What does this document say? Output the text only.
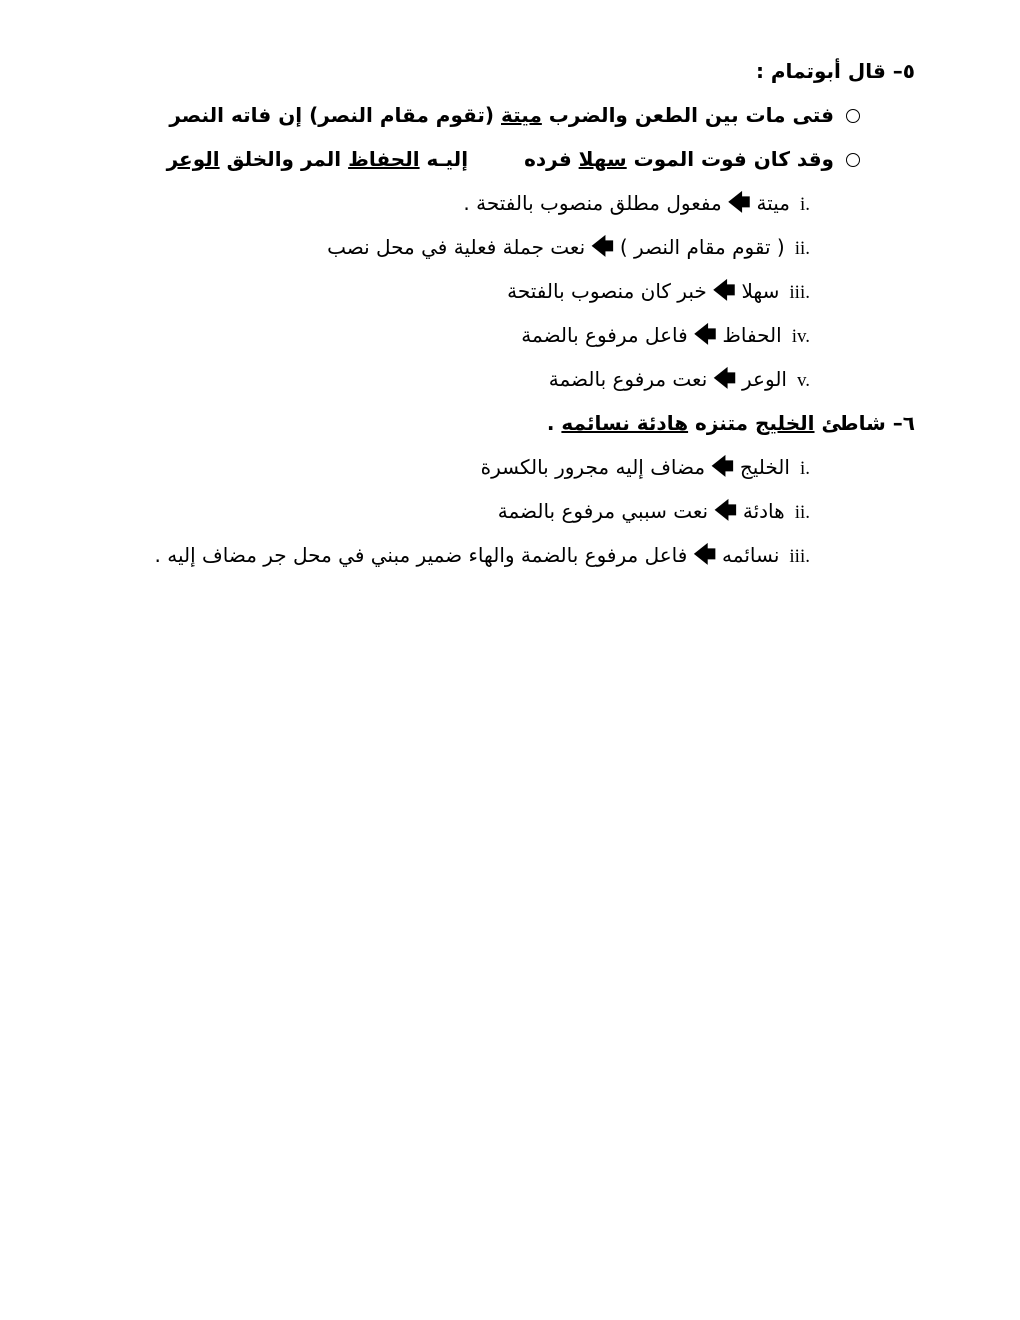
٥– قال أبوتمام :
فتى مات بين الطعن والضرب ميتة (تقوم مقام النصر) إن فاته النصر
وقد كان فوت الموت سهلا فردهإليـه الحفاظ المر والخلق الوعر
i.ميتة🡄مفعول مطلق منصوب بالفتحة .
ii.( تقوم مقام النصر )🡄نعت جملة فعلية في محل نصب
iii.سهلا🡄خبر كان منصوب بالفتحة
iv.الحفاظ🡄فاعل مرفوع بالضمة
v.الوعر🡄نعت مرفوع بالضمة
٦– شاطئ الخليج متنزه هادئة نسائمه .
i.الخليج🡄مضاف إليه مجرور بالكسرة
ii.هادئة🡄نعت سببي مرفوع بالضمة
iii.نسائمه🡄فاعل مرفوع بالضمة والهاء ضمير مبني في محل جر مضاف إليه .
